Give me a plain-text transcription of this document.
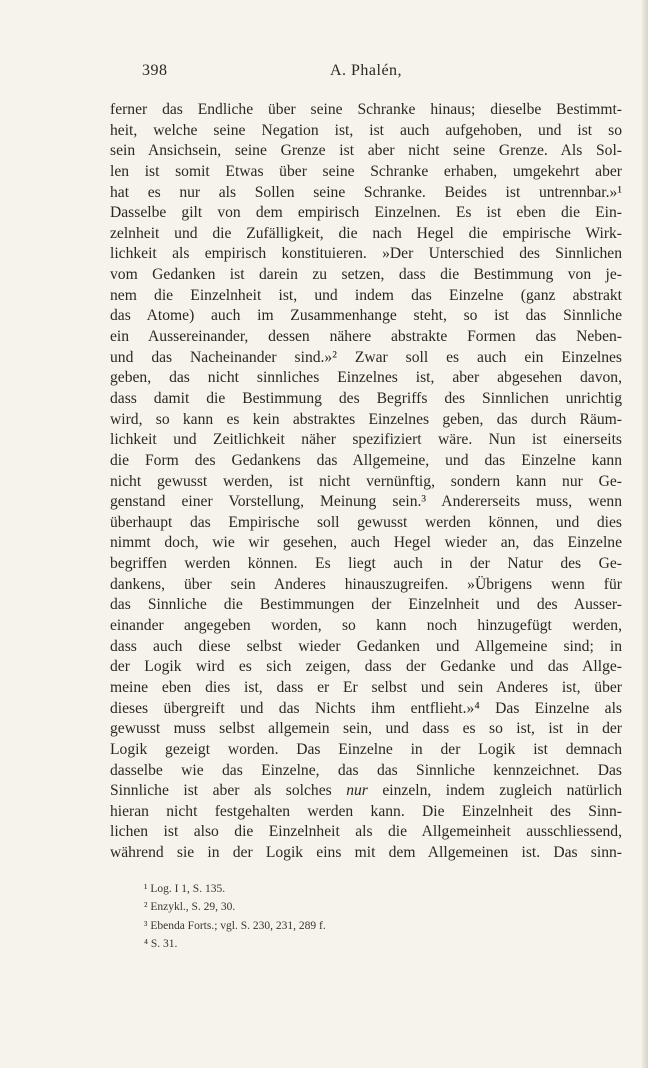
398	A. Phalén,
ferner das Endliche über seine Schranke hinaus; dieselbe Bestimmt-
heit, welche seine Negation ist, ist auch aufgehoben, und ist so
sein Ansichsein, seine Grenze ist aber nicht seine Grenze. Als Sol-
len ist somit Etwas über seine Schranke erhaben, umgekehrt aber
hat es nur als Sollen seine Schranke. Beides ist untrennbar.»¹
Dasselbe gilt von dem empirisch Einzelnen. Es ist eben die Ein-
zelnheit und die Zufälligkeit, die nach Hegel die empirische Wirk-
lichkeit als empirisch konstituieren. »Der Unterschied des Sinnlichen
vom Gedanken ist darein zu setzen, dass die Bestimmung von je-
nem die Einzelnheit ist, und indem das Einzelne (ganz abstrakt
das Atome) auch im Zusammenhange steht, so ist das Sinnliche
ein Aussereinander, dessen nähere abstrakte Formen das Neben-
und das Nacheinander sind.»² Zwar soll es auch ein Einzelnes
geben, das nicht sinnliches Einzelnes ist, aber abgesehen davon,
dass damit die Bestimmung des Begriffs des Sinnlichen unrichtig
wird, so kann es kein abstraktes Einzelnes geben, das durch Räum-
lichkeit und Zeitlichkeit näher spezifiziert wäre. Nun ist einerseits
die Form des Gedankens das Allgemeine, und das Einzelne kann
nicht gewusst werden, ist nicht vernünftig, sondern kann nur Ge-
genstand einer Vorstellung, Meinung sein.³ Andererseits muss, wenn
überhaupt das Empirische soll gewusst werden können, und dies
nimmt doch, wie wir gesehen, auch Hegel wieder an, das Einzelne
begriffen werden können. Es liegt auch in der Natur des Ge-
dankens, über sein Anderes hinauszugreifen. »Übrigens wenn für
das Sinnliche die Bestimmungen der Einzelnheit und des Ausser-
einander angegeben worden, so kann noch hinzugefügt werden,
dass auch diese selbst wieder Gedanken und Allgemeine sind; in
der Logik wird es sich zeigen, dass der Gedanke und das Allge-
meine eben dies ist, dass er Er selbst und sein Anderes ist, über
dieses übergreift und das Nichts ihm entflieht.»⁴ Das Einzelne als
gewusst muss selbst allgemein sein, und dass es so ist, ist in der
Logik gezeigt worden. Das Einzelne in der Logik ist demnach
dasselbe wie das Einzelne, das das Sinnliche kennzeichnet. Das
Sinnliche ist aber als solches nur einzeln, indem zugleich natürlich
hieran nicht festgehalten werden kann. Die Einzelnheit des Sinn-
lichen ist also die Einzelnheit als die Allgemeinheit ausschliessend,
während sie in der Logik eins mit dem Allgemeinen ist. Das sinn-
¹ Log. I 1, S. 135.
² Enzykl., S. 29, 30.
³ Ebenda Forts.; vgl. S. 230, 231, 289 f.
⁴ S. 31.
